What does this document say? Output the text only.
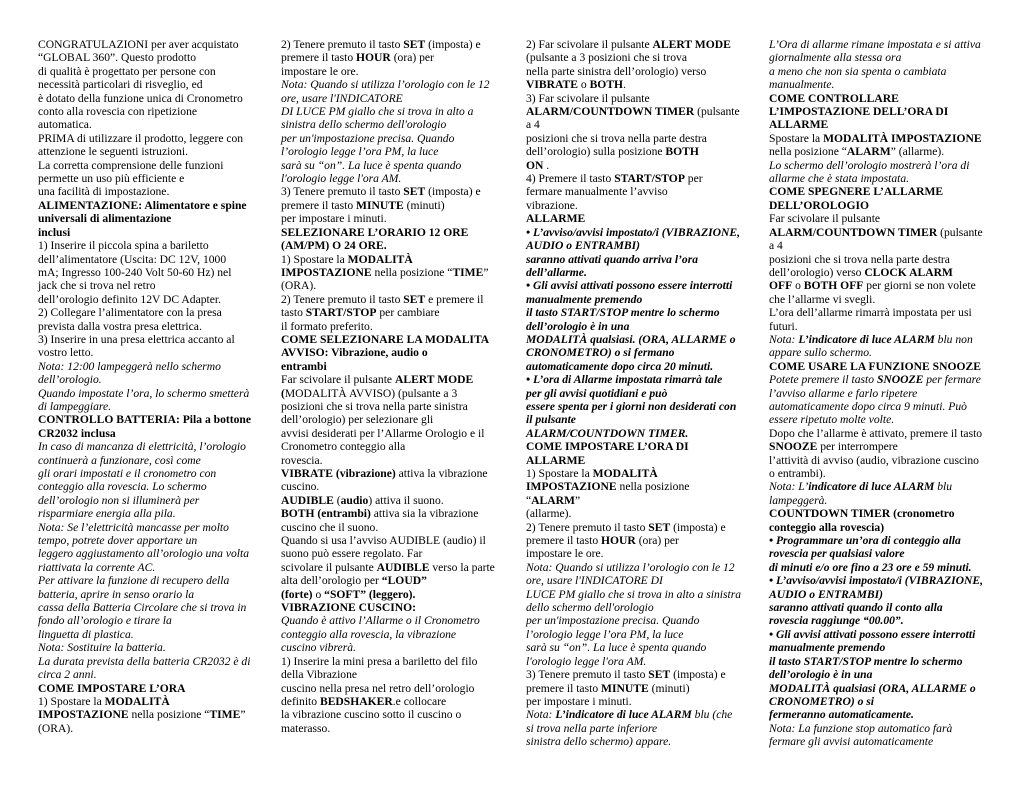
CONGRATULAZIONI per aver acquistato
“GLOBAL 360”. Questo prodotto
di qualità è progettato per persone con
necessità particolari di risveglio, ed
è dotato della funzione unica di Cronometro
conto alla rovescia con ripetizione
automatica.
PRIMA di utilizzare il prodotto, leggere con
attenzione le seguenti istruzioni.
La corretta comprensione delle funzioni
permette un uso più efficiente e
una facilità di impostazione.
ALIMENTAZIONE: Alimentatore e spine
universali di alimentazione
inclusi
1) Inserire il piccola spina a bariletto
dell’alimentatore (Uscita: DC 12V, 1000
mA; Ingresso 100-240 Volt 50-60 Hz) nel
jack che si trova nel retro
dell’orologio definito 12V DC Adapter.
2) Collegare l’alimentatore con la presa
prevista dalla vostra presa elettrica.
3) Inserire in una presa elettrica accanto al
vostro letto.
Nota: 12:00 lampeggerà nello schermo
dell’orologio.
Quando impostate l’ora, lo schermo smetterà
di lampeggiare.
CONTROLLO BATTERIA: Pila a bottone
CR2032 inclusa
In caso di mancanza di elettricità, l’orologio
continuerà a funzionare, così come
gli orari impostati e il cronometro con
conteggio alla rovescia. Lo schermo
dell’orologio non si illuminerà per
risparmiare energia alla pila.
Nota: Se l’elettricità mancasse per molto
tempo, potrete dover apportare un
leggero aggiustamento all’orologio una volta
riattivata la corrente AC.
Per attivare la funzione di recupero della
batteria, aprire in senso orario la
cassa della Batteria Circolare che si trova in
fondo all’orologio e tirare la
linguetta di plastica.
Nota: Sostituire la batteria.
La durata prevista della batteria CR2032 è di
circa 2 anni.
COME IMPOSTARE L’ORA
1) Spostare la MODALITÀ
IMPOSTAZIONE nella posizione “TIME”
(ORA).
2) Tenere premuto il tasto SET (imposta) e
premere il tasto HOUR (ora) per
impostare le ore.
Nota: Quando si utilizza l’orologio con le 12
ore, usare l'INDICATORE
DI LUCE PM giallo che si trova in alto a
sinistra dello schermo dell'orologio
per un'impostazione precisa. Quando
l’orologio legge l’ora PM, la luce
sarà su “on”. La luce è spenta quando
l'orologio legge l'ora AM.
3) Tenere premuto il tasto SET (imposta) e
premere il tasto MINUTE (minuti)
per impostare i minuti.
SELEZIONARE L’ORARIO 12 ORE
(AM/PM) O 24 ORE.
1) Spostare la MODALITÀ
IMPOSTAZIONE nella posizione “TIME”
(ORA).
2) Tenere premuto il tasto SET e premere il
tasto START/STOP per cambiare
il formato preferito.
COME SELEZIONARE LA MODALITA
AVVISO: Vibrazione, audio o
entrambi
Far scivolare il pulsante ALERT MODE
(MODALITÀ AVVISO) (pulsante a 3
posizioni che si trova nella parte sinistra
dell’orologio) per selezionare gli
avvisi desiderati per l’Allarme Orologio e il
Cronometro conteggio alla
rovescia.
VIBRATE (vibrazione) attiva la vibrazione
cuscino.
AUDIBLE (audio) attiva il suono.
BOTH (entrambi) attiva sia la vibrazione
cuscino che il suono.
Quando si usa l’avviso AUDIBLE (audio) il
suono può essere regolato. Far
scivolare il pulsante AUDIBLE verso la parte
alta dell’orologio per “LOUD”
(forte) o “SOFT” (leggero).
VIBRAZIONE CUSCINO:
Quando è attivo l’Allarme o il Cronometro
conteggio alla rovescia, la vibrazione
cuscino vibrerà.
1) Inserire la mini presa a bariletto del filo
della Vibrazione
cuscino nella presa nel retro dell’orologio
definito BEDSHAKER.e collocare
la vibrazione cuscino sotto il cuscino o
materasso.
2) Far scivolare il pulsante ALERT MODE
(pulsante a 3 posizioni che si trova
nella parte sinistra dell’orologio) verso
VIBRATE o BOTH.
3) Far scivolare il pulsante
ALARM/COUNTDOWN TIMER (pulsante
a 4
posizioni che si trova nella parte destra
dell’orologio) sulla posizione BOTH
ON .
4) Premere il tasto START/STOP per
fermare manualmente l’avviso
vibrazione.
ALLARME
• L’avviso/avvisi impostato/i (VIBRAZIONE,
AUDIO o ENTRAMBI)
saranno attivati quando arriva l’ora
dell’allarme.
• Gli avvisi attivati possono essere interrotti
manualmente premendo
il tasto START/STOP mentre lo schermo
dell’orologio è in una
MODALITÀ qualsiasi. (ORA, ALLARME o
CRONOMETRO) o si fermano
automaticamente dopo circa 20 minuti.
• L’ora di Allarme impostata rimarrà tale
per gli avvisi quotidiani e può
essere spenta per i giorni non desiderati con
il pulsante
ALARM/COUNTDOWN TIMER.
COME IMPOSTARE L’ORA DI
ALLARME
1) Spostare la MODALITÀ
IMPOSTAZIONE nella posizione
“ALARM”
(allarme).
2) Tenere premuto il tasto SET (imposta) e
premere il tasto HOUR (ora) per
impostare le ore.
Nota: Quando si utilizza l’orologio con le 12
ore, usare l'INDICATORE DI
LUCE PM giallo che si trova in alto a sinistra
dello schermo dell'orologio
per un'impostazione precisa. Quando
l’orologio legge l’ora PM, la luce
sarà su “on”. La luce è spenta quando
l'orologio legge l'ora AM.
3) Tenere premuto il tasto SET (imposta) e
premere il tasto MINUTE (minuti)
per impostare i minuti.
Nota: L’indicatore di luce ALARM blu (che
si trova nella parte inferiore
sinistra dello schermo) appare.
L’Ora di allarme rimane impostata e si attiva
giornalmente alla stessa ora
a meno che non sia spenta o cambiata
manualmente.
COME CONTROLLARE
L’IMPOSTAZIONE DELL’ORA DI
ALLARME
Spostare la MODALITÀ IMPOSTAZIONE
nella posizione “ALARM” (allarme).
Lo schermo dell’orologio mostrerà l’ora di
allarme che è stata impostata.
COME SPEGNERE L’ALLARME
DELL’OROLOGIO
Far scivolare il pulsante
ALARM/COUNTDOWN TIMER (pulsante
a 4
posizioni che si trova nella parte destra
dell’orologio) verso CLOCK ALARM
OFF o BOTH OFF per giorni se non volete
che l’allarme vi svegli.
L’ora dell’allarme rimarrà impostata per usi
futuri.
Nota: L’indicatore di luce ALARM blu non
appare sullo schermo.
COME USARE LA FUNZIONE SNOOZE
Potete premere il tasto SNOOZE per fermare
l’avviso allarme e farlo ripetere
automaticamente dopo circa 9 minuti. Può
essere ripetuto molte volte.
Dopo che l’allarme è attivato, premere il tasto
SNOOZE per interrompere
l’attività di avviso (audio, vibrazione cuscino
o entrambi).
Nota: L’indicatore di luce ALARM blu
lampeggerà.
COUNTDOWN TIMER (cronometro
conteggio alla rovescia)
• Programmare un’ora di conteggio alla
rovescia per qualsiasi valore
di minuti e/o ore fino a 23 ore e 59 minuti.
• L’avviso/avvisi impostato/i (VIBRAZIONE,
AUDIO o ENTRAMBI)
saranno attivati quando il conto alla
rovescia raggiunge “00.00”.
• Gli avvisi attivati possono essere interrotti
manualmente premendo
il tasto START/STOP mentre lo schermo
dell’orologio è in una
MODALITÀ qualsiasi (ORA, ALLARME o
CRONOMETRO) o si
fermeranno automaticamente.
Nota: La funzione stop automatico farà
fermare gli avvisi automaticamente
